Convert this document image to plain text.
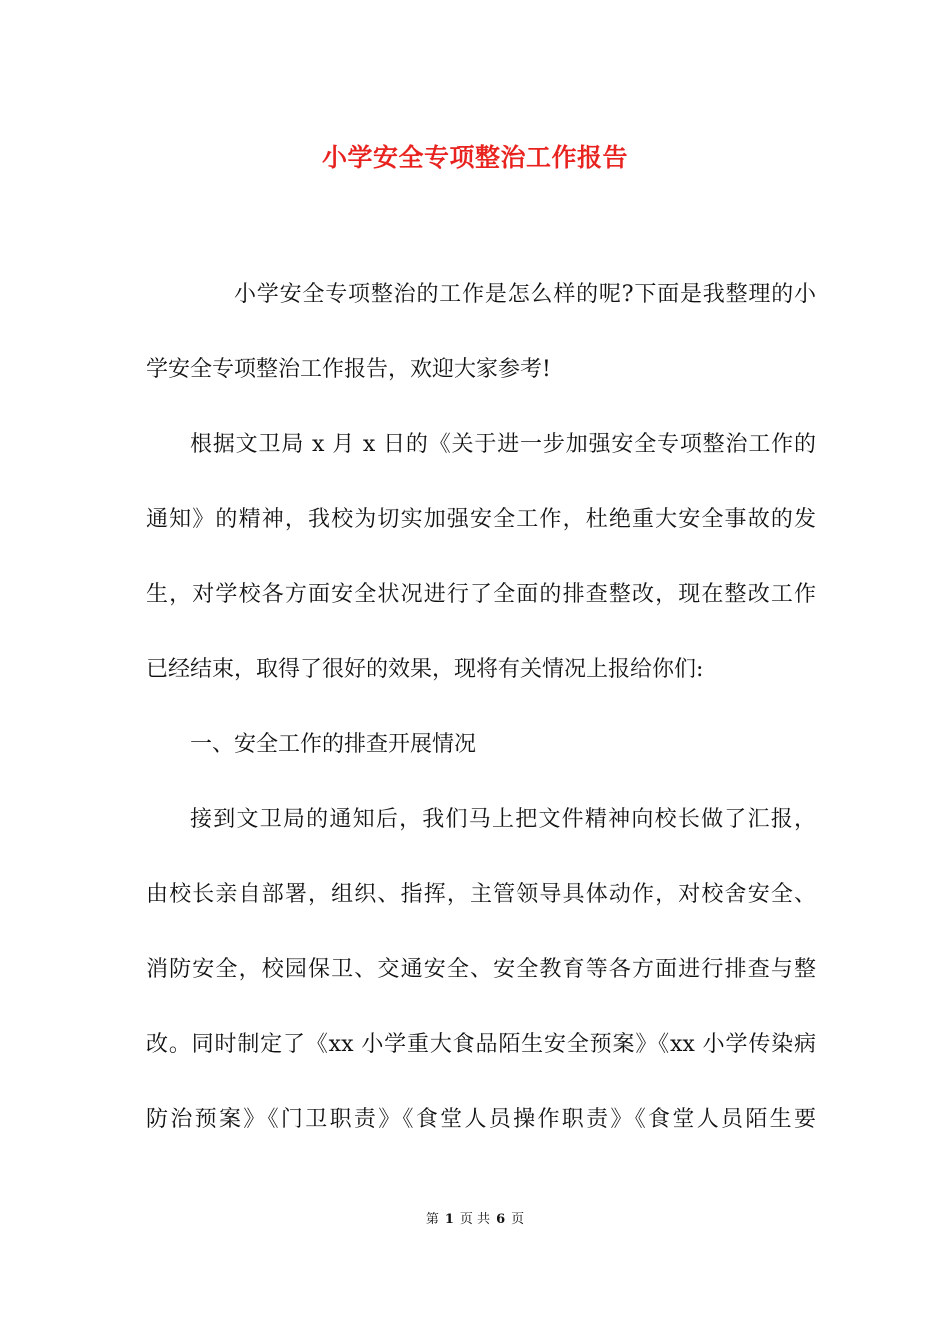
小学安全专项整治工作报告
小学安全专项整治的工作是怎么样的呢?下面是我整理的小
学安全专项整治工作报告，欢迎大家参考!
根据文卫局 x 月 x 日的《关于进一步加强安全专项整治工作的
通知》的精神，我校为切实加强安全工作，杜绝重大安全事故的发
生，对学校各方面安全状况进行了全面的排查整改，现在整改工作
已经结束，取得了很好的效果，现将有关情况上报给你们:
一、安全工作的排查开展情况
接到文卫局的通知后，我们马上把文件精神向校长做了汇报，
由校长亲自部署，组织、指挥，主管领导具体动作，对校舍安全、
消防安全，校园保卫、交通安全、安全教育等各方面进行排查与整
改。同时制定了《xx 小学重大食品陌生安全预案》《xx 小学传染病
防治预案》《门卫职责》《食堂人员操作职责》《食堂人员陌生要
第 1 页 共 6 页
